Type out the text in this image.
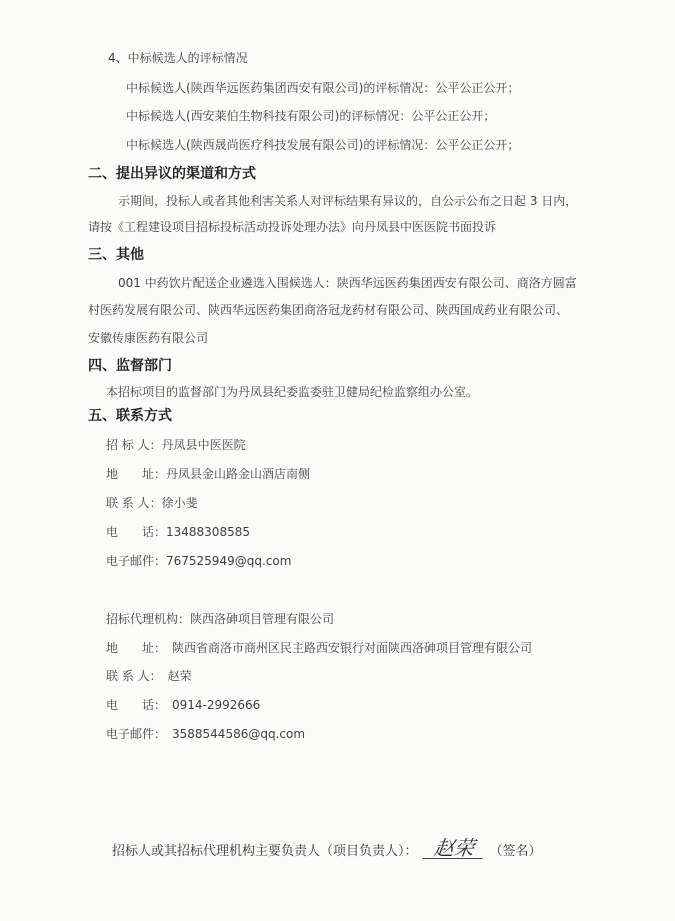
4、中标候选人的评标情况
中标候选人(陕西华远医药集团西安有限公司)的评标情况：公平公正公开；
中标候选人(西安莱伯生物科技有限公司)的评标情况：公平公正公开；
中标候选人(陕西晟尚医疗科技发展有限公司)的评标情况：公平公正公开；
二、提出异议的渠道和方式
示期间，投标人或者其他利害关系人对评标结果有异议的，自公示公布之日起 3 日内，
请按《工程建设项目招标投标活动投诉处理办法》向丹凤县中医医院书面投诉
三、其他
001 中药饮片配送企业遴选入围候选人：陕西华远医药集团西安有限公司、商洛方圆富
村医药发展有限公司、陕西华远医药集团商洛冠龙药材有限公司、陕西国成药业有限公司、
安徽传康医药有限公司
四、监督部门
本招标项目的监督部门为丹凤县纪委监委驻卫健局纪检监察组办公室。
五、联系方式
招 标 人：丹凤县中医医院
地　　址：丹凤县金山路金山酒店南侧
联 系 人：徐小斐
电　　话：13488308585
电子邮件：767525949@qq.com
招标代理机构：陕西洛砷项目管理有限公司
地　　址：　陕西省商洛市商州区民主路西安银行对面陕西洛砷项目管理有限公司
联 系 人：　赵荣
电　　话：　0914-2992666
电子邮件：　3588544586@qq.com
招标人或其招标代理机构主要负责人（项目负责人）： 赵荣 （签名）
